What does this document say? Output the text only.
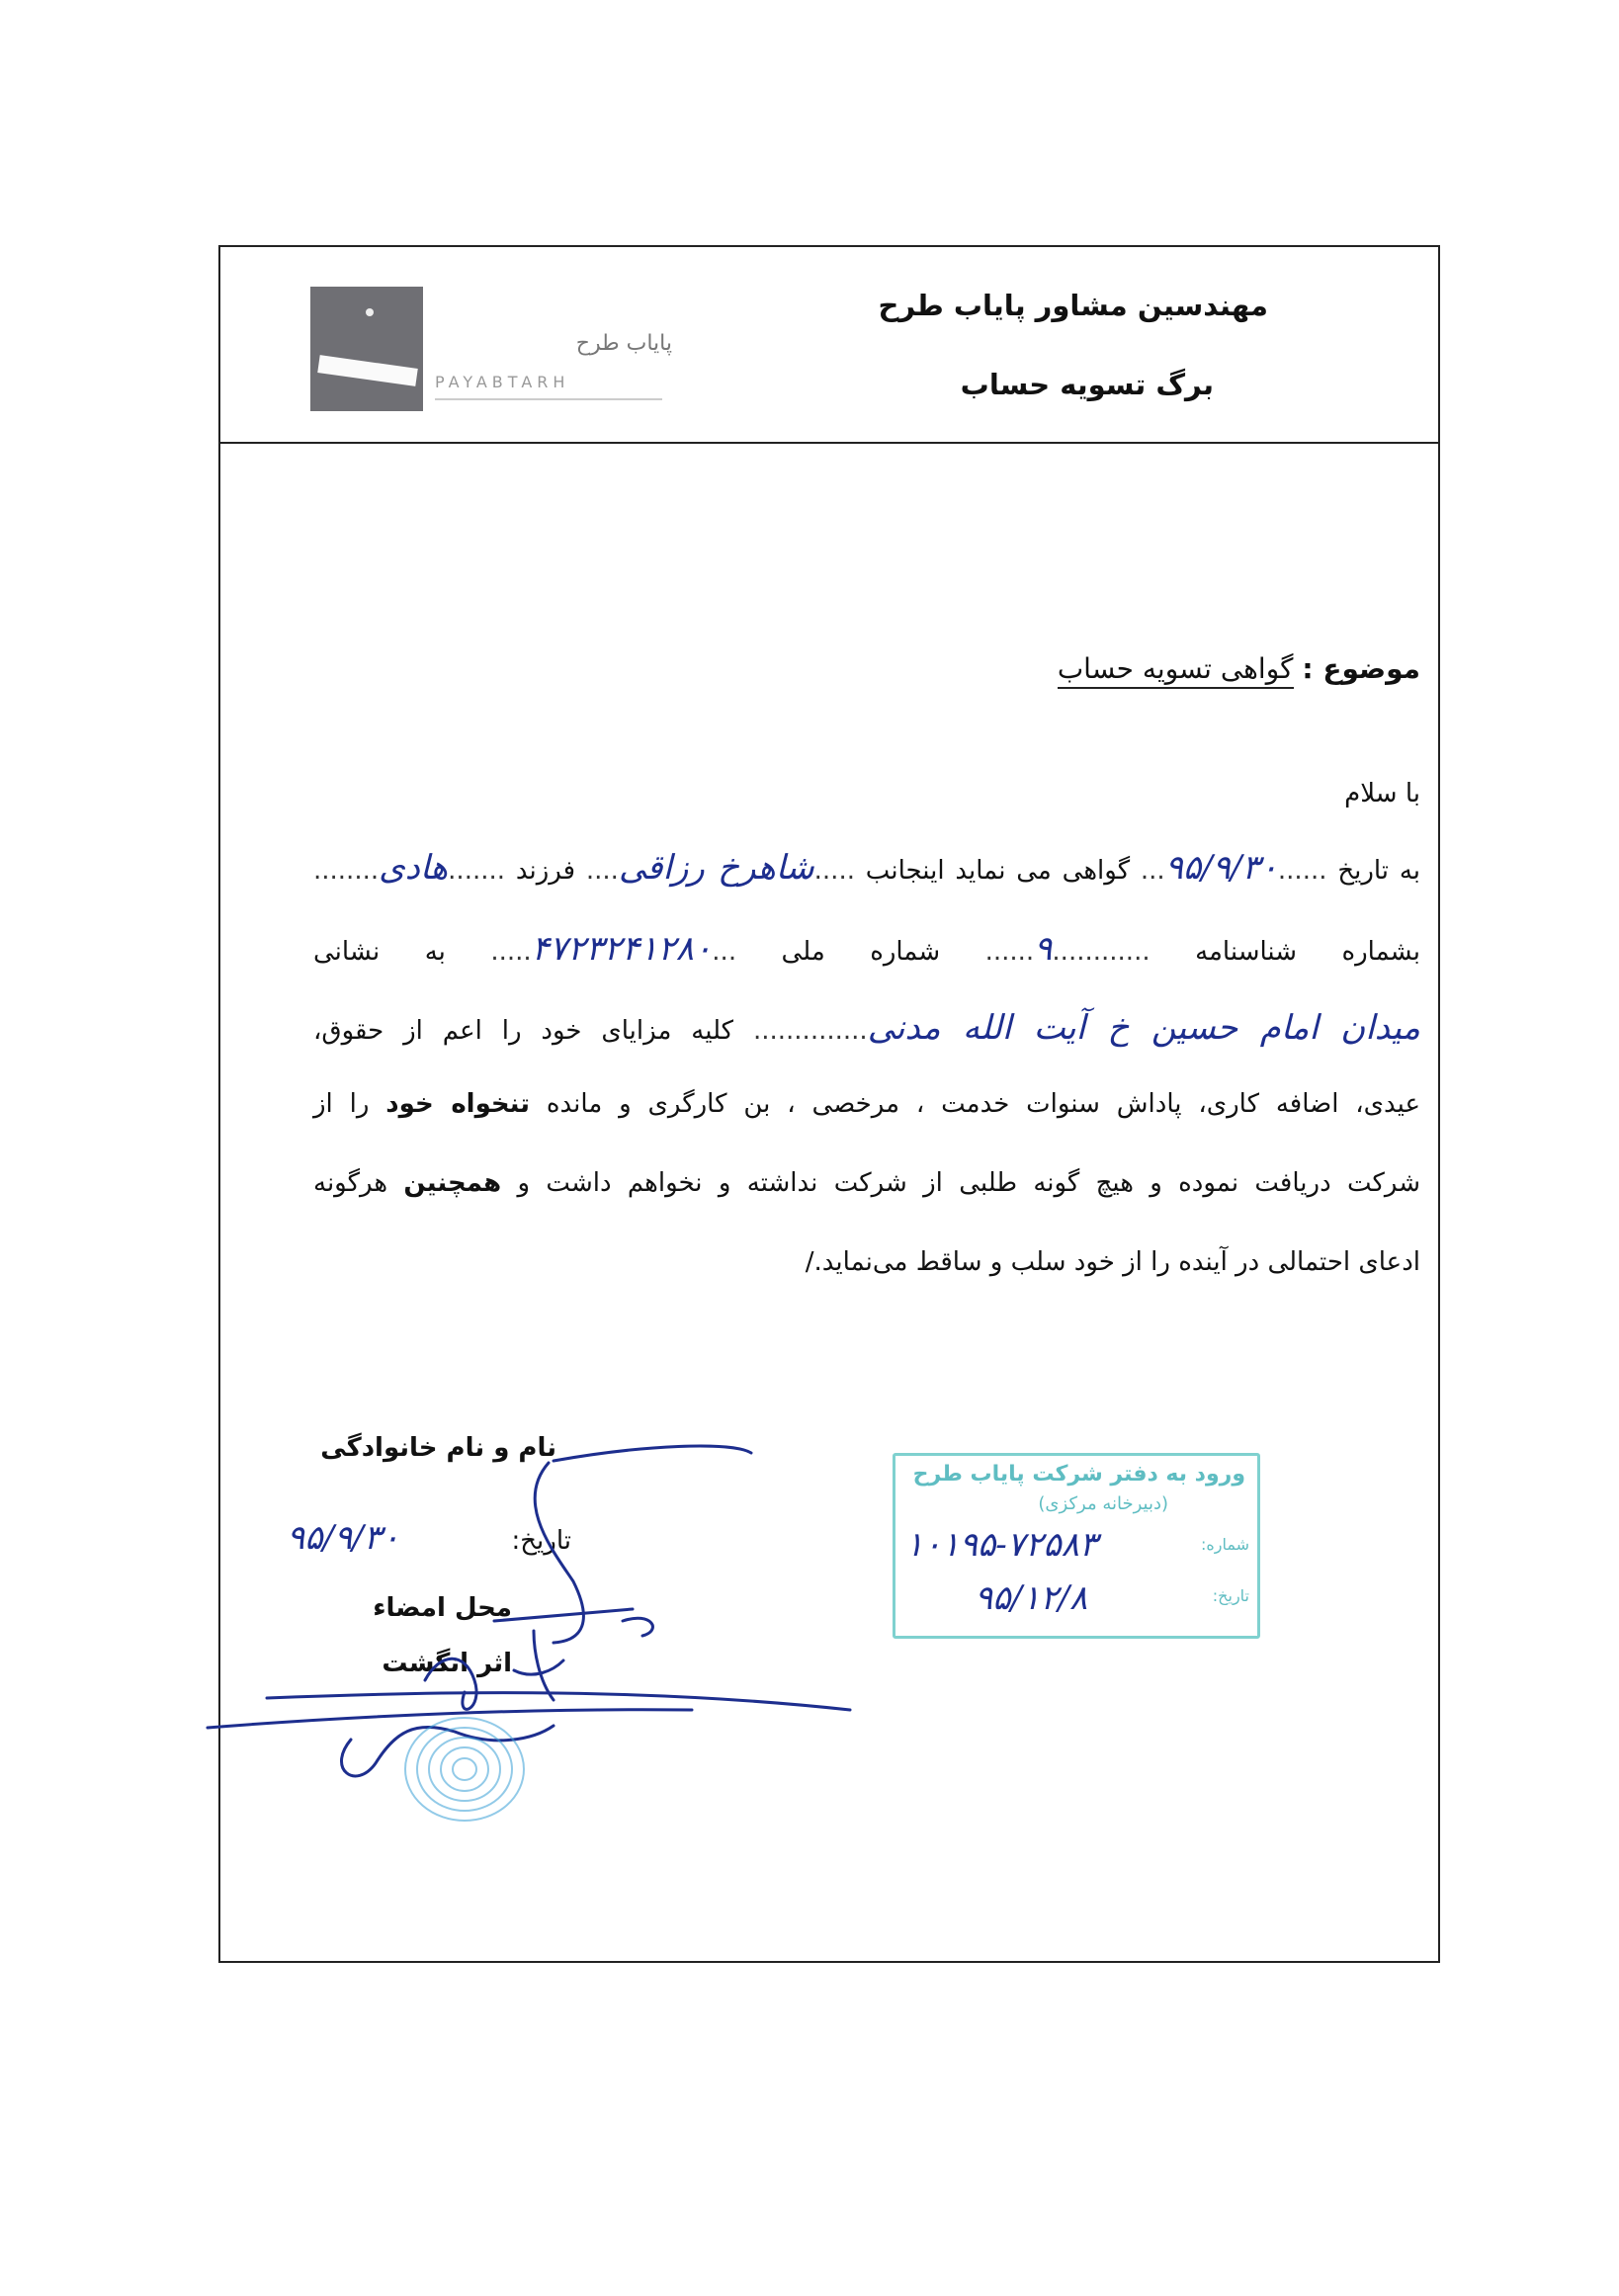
مهندسین مشاور پایاب طرح
برگ تسویه حساب
پایاب طرح
PAYABTARH
موضوع : گواهی تسویه حساب
با سلام
به تاریخ ......۹۵/۹/۳۰... گواهی می نماید اینجانب .....شاهرخ رزاقی.... فرزند .......هادی........
بشماره شناسنامه ............۹...... شماره ملی ...۴۷۲۳۲۴۱۲۸۰..... به نشانی
میدان امام حسین خ آیت الله مدنی.............. کلیه مزایای خود را اعم از حقوق،
عیدی، اضافه کاری، پاداش سنوات خدمت ، مرخصی ، بن کارگری و مانده تنخواه خود را از
شرکت دریافت نموده و هیچ گونه طلبی از شرکت نداشته و نخواهم داشت و همچنین هرگونه
ادعای احتمالی در آینده را از خود سلب و ساقط می‌نماید./
نام و نام خانوادگی
تاریخ:
۹۵/۹/۳۰
محل امضاء
اثر انگشت
ورود به دفتر شرکت پایاب طرح
(دبیرخانه مرکزی)
شماره:
تاریخ:
۱۰۱۹۵-۷۲۵۸۳
۹۵/۱۲/۸
